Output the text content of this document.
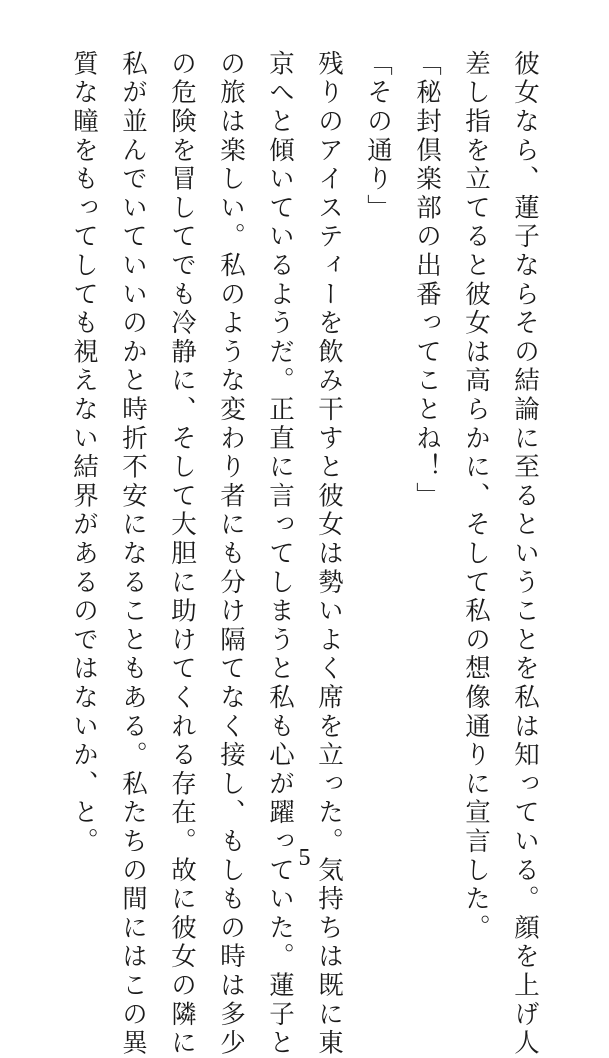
彼女なら、蓮子ならその結論に至るということを私は知っている。顔を上げ人

差し指を立てると彼女は高らかに、そして私の想像通りに宣言した。

「秘封倶楽部の出番ってことね！」

「その通り」

残りのアイスティーを飲み干すと彼女は勢いよく席を立った。気持ちは既に東

京へと傾いているようだ。正直に言ってしまうと私も心が躍っていた。蓮子と

の旅は楽しい。私のような変わり者にも分け隔てなく接し、もしもの時は多少

の危険を冒してでも冷静に、そして大胆に助けてくれる存在。故に彼女の隣に

私が並んでいていいのかと時折不安になることもある。私たちの間にはこの異

質な瞳をもってしても視えない結界があるのではないか、と。

5
